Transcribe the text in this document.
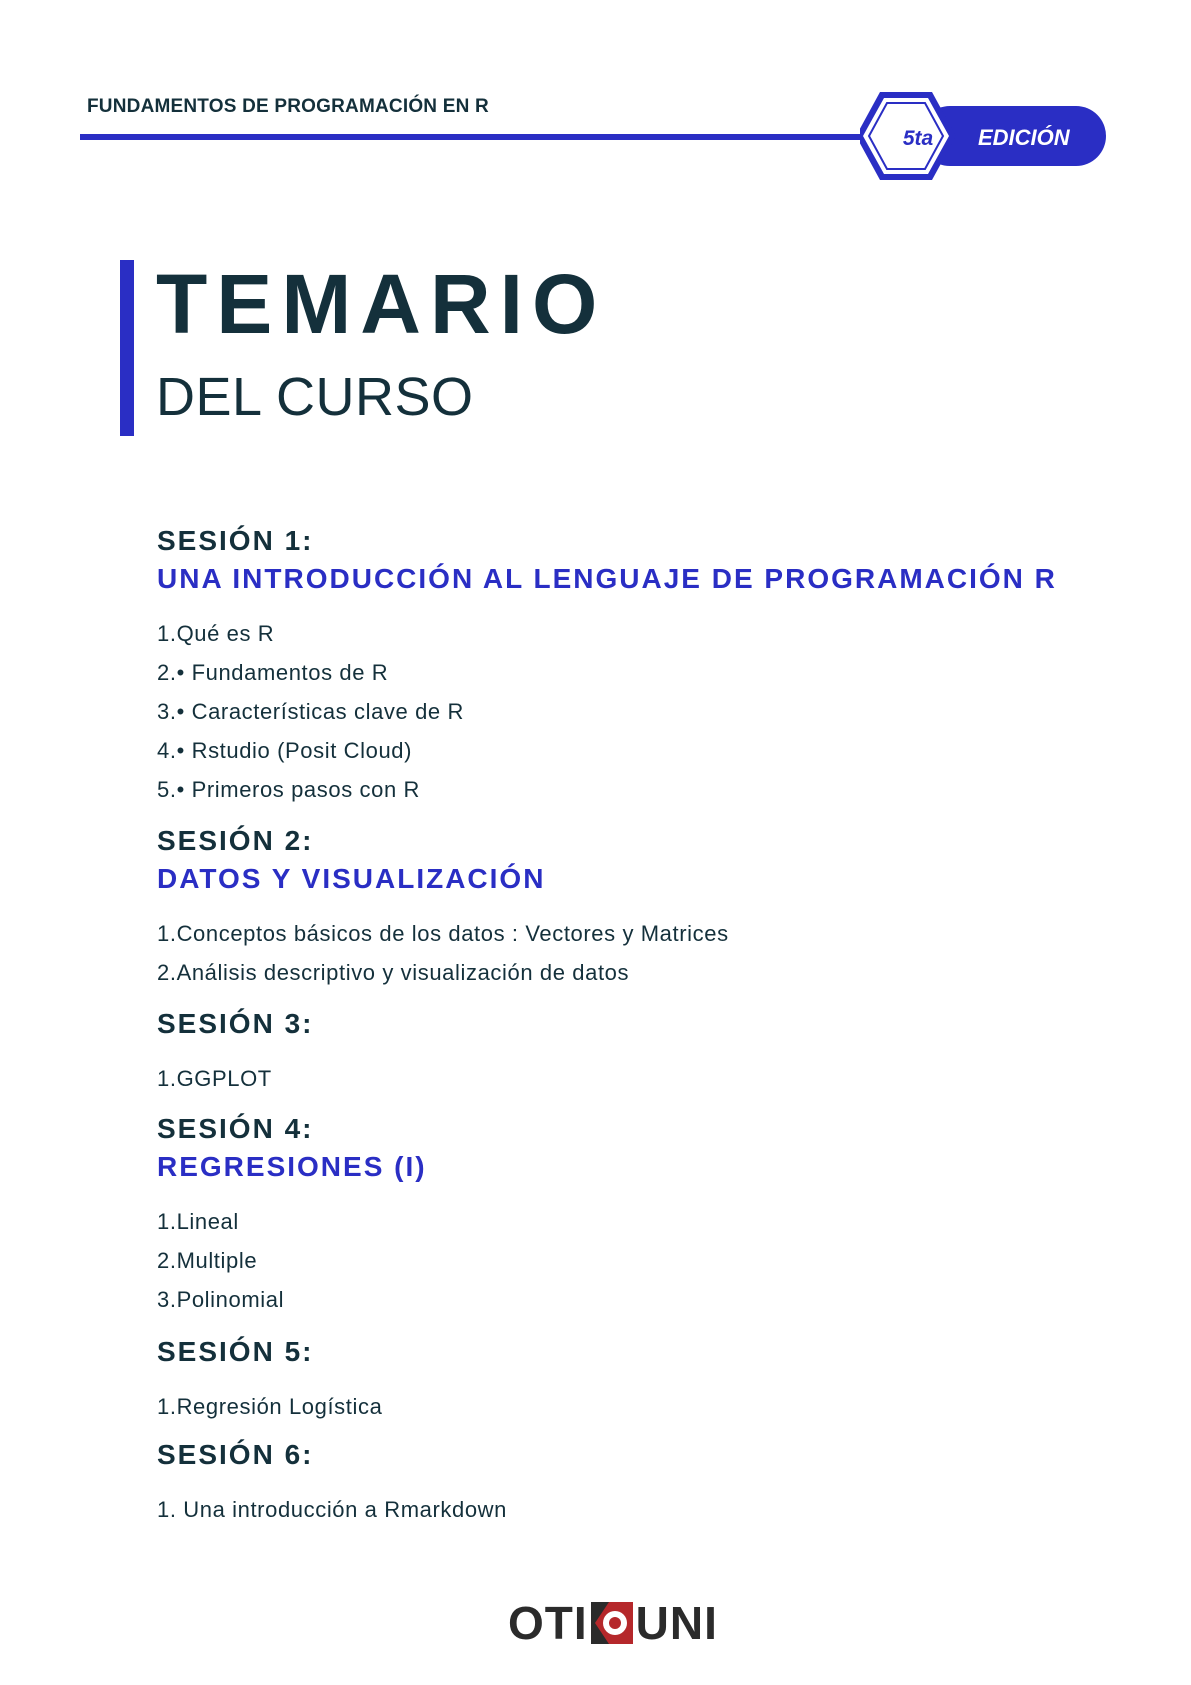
FUNDAMENTOS DE PROGRAMACIÓN EN R
5ta	EDICIÓN
TEMARIO
DEL CURSO
SESIÓN 1:
UNA INTRODUCCIÓN AL LENGUAJE DE PROGRAMACIÓN R
1.Qué es R
2.• Fundamentos de R
3.• Características clave de R
4.• Rstudio (Posit Cloud)
5.• Primeros pasos con R
SESIÓN 2:
DATOS Y VISUALIZACIÓN
1.Conceptos básicos de los datos : Vectores y Matrices
2.Análisis descriptivo y visualización de datos
SESIÓN 3:
1.GGPLOT
SESIÓN 4:
REGRESIONES (I)
1.Lineal
2.Multiple
3.Polinomial
SESIÓN 5:
1.Regresión Logística
SESIÓN 6:
1. Una introducción a Rmarkdown
OTI UNI
